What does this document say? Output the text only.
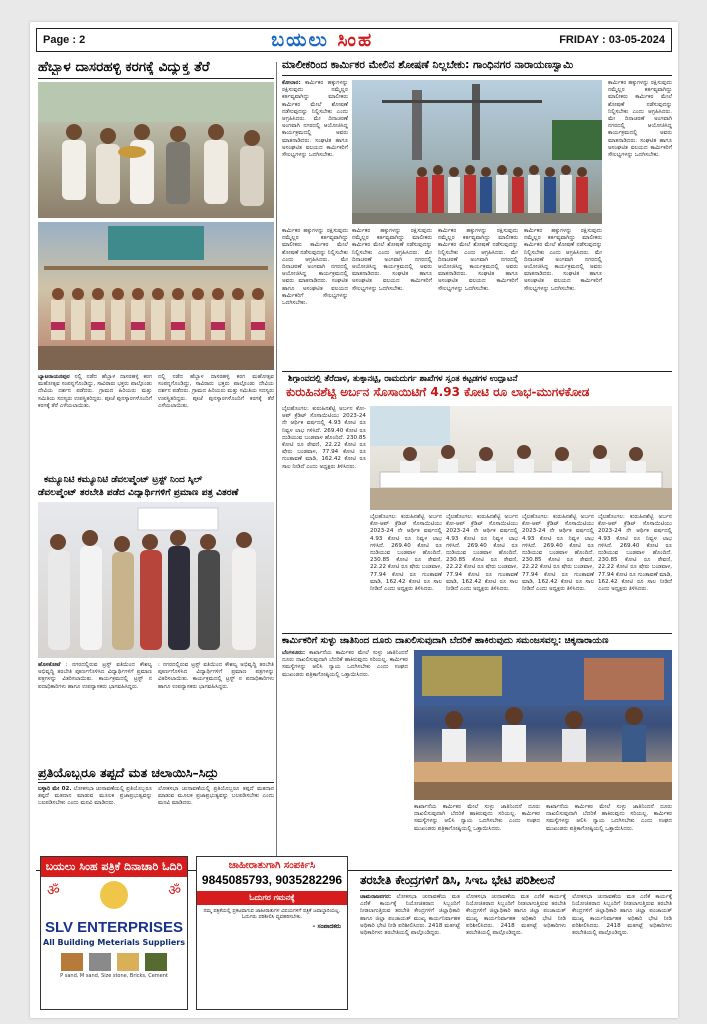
Page : 2	ಬಯಲು ಸಿಂಹ	FRIDAY : 03-05-2024
ಹೆಬ್ಬಾಳ ದಾಸರಹಳ್ಳಿ ಕರಗಕ್ಕೆ ವಿದ್ಯುಕ್ತ ತೆರೆ
ಬ್ಯಾಟರಾಯನಪುರ ನಲ್ಲಿ ನಡೆದ ಹೆಬ್ಬಾಳ ದಾಸರಹಳ್ಳಿ ಕರಗ ಮಹೋತ್ಸವ ಸಂಪನ್ನಗೊಂಡಿದ್ದು, ಸಾವಿರಾರು ಭಕ್ತರು ಪಾಲ್ಗೊಂಡು ದೇವಿಯ ದರ್ಶನ ಪಡೆದರು. ಗ್ರಾಮದ ಹಿರಿಯರು ಮತ್ತು ಸಮಿತಿಯ ಸದಸ್ಯರು ಉಪಸ್ಥಿತರಿದ್ದರು. ಪೂಜೆ ಪುನಸ್ಕಾರಗಳೊಂದಿಗೆ ಕರಗಕ್ಕೆ ತೆರೆ ಎಳೆಯಲಾಯಿತು.
ನಲ್ಲಿ ನಡೆದ ಹೆಬ್ಬಾಳ ದಾಸರಹಳ್ಳಿ ಕರಗ ಮಹೋತ್ಸವ ಸಂಪನ್ನಗೊಂಡಿದ್ದು, ಸಾವಿರಾರು ಭಕ್ತರು ಪಾಲ್ಗೊಂಡು ದೇವಿಯ ದರ್ಶನ ಪಡೆದರು. ಗ್ರಾಮದ ಹಿರಿಯರು ಮತ್ತು ಸಮಿತಿಯ ಸದಸ್ಯರು ಉಪಸ್ಥಿತರಿದ್ದರು. ಪೂಜೆ ಪುನಸ್ಕಾರಗಳೊಂದಿಗೆ ಕರಗಕ್ಕೆ ತೆರೆ ಎಳೆಯಲಾಯಿತು.
ಕಮ್ಯೂನಿಟಿ ಕಮ್ಯೂನಿಟಿ ಡೆವಲಪ್ಮೆಂಟ್ ಟ್ರಸ್ಟ್ ನಿಂದ ಸ್ಕಿಲ್
ಡೆವಲಪ್ಮೆಂಟ್ ತರಬೇತಿ ಪಡೆದ ವಿದ್ಯಾರ್ಥಿಗಳಿಗೆ ಪ್ರಮಾಣ ಪತ್ರ ವಿತರಣೆ
ಹೊಸಕೋಟೆ : ನಗರದಲ್ಲಿರುವ ಟ್ರಸ್ಟ್ ವತಿಯಿಂದ ಕೌಶಲ್ಯ ಅಭಿವೃದ್ಧಿ ತರಬೇತಿ ಪೂರ್ಣಗೊಳಿಸಿದ ವಿದ್ಯಾರ್ಥಿಗಳಿಗೆ ಪ್ರಮಾಣ ಪತ್ರಗಳನ್ನು ವಿತರಿಸಲಾಯಿತು. ಕಾರ್ಯಕ್ರಮದಲ್ಲಿ ಟ್ರಸ್ಟ್ ನ ಪದಾಧಿಕಾರಿಗಳು ಹಾಗೂ ಉಪನ್ಯಾಸಕರು ಭಾಗವಹಿಸಿದ್ದರು.
: ನಗರದಲ್ಲಿರುವ ಟ್ರಸ್ಟ್ ವತಿಯಿಂದ ಕೌಶಲ್ಯ ಅಭಿವೃದ್ಧಿ ತರಬೇತಿ ಪೂರ್ಣಗೊಳಿಸಿದ ವಿದ್ಯಾರ್ಥಿಗಳಿಗೆ ಪ್ರಮಾಣ ಪತ್ರಗಳನ್ನು ವಿತರಿಸಲಾಯಿತು. ಕಾರ್ಯಕ್ರಮದಲ್ಲಿ ಟ್ರಸ್ಟ್ ನ ಪದಾಧಿಕಾರಿಗಳು ಹಾಗೂ ಉಪನ್ಯಾಸಕರು ಭಾಗವಹಿಸಿದ್ದರು.
ಪ್ರತಿಯೊಬ್ಬರೂ ತಪ್ಪದೆ ಮತ ಚಲಾಯಿಸಿ–ಸಿದ್ದು
ಬಳ್ಳಾರಿ ಮೇ 02. ಲೋಕಸಭಾ ಚುನಾವಣೆಯಲ್ಲಿ ಪ್ರತಿಯೊಬ್ಬರೂ ತಪ್ಪದೆ ಮತದಾನ ಮಾಡುವ ಮೂಲಕ ಪ್ರಜಾಪ್ರಭುತ್ವವನ್ನು ಬಲಪಡಿಸಬೇಕು ಎಂದು ಮನವಿ ಮಾಡಿದರು.
ಲೋಕಸಭಾ ಚುನಾವಣೆಯಲ್ಲಿ ಪ್ರತಿಯೊಬ್ಬರೂ ತಪ್ಪದೆ ಮತದಾನ ಮಾಡುವ ಮೂಲಕ ಪ್ರಜಾಪ್ರಭುತ್ವವನ್ನು ಬಲಪಡಿಸಬೇಕು ಎಂದು ಮನವಿ ಮಾಡಿದರು.
ಮಾಲೀಕರಿಂದ ಕಾರ್ಮಿಕರ ಮೇಲಿನ ಶೋಷಣೆ ನಿಲ್ಲಬೇಕು: ಗಾಂಧಿನಗರ ನಾರಾಯಣಸ್ವಾಮಿ
ಕೋಲಾರ: ಕಾರ್ಮಿಕರ ಹಕ್ಕುಗಳನ್ನು ರಕ್ಷಿಸುವುದು ನಮ್ಮೆಲ್ಲರ ಕರ್ತವ್ಯವಾಗಿದ್ದು ಮಾಲೀಕರು ಕಾರ್ಮಿಕರ ಮೇಲೆ ಶೋಷಣೆ ನಡೆಸುವುದನ್ನು ನಿಲ್ಲಿಸಬೇಕು ಎಂದು ಆಗ್ರಹಿಸಿದರು. ಮೇ ದಿನಾಚರಣೆ ಅಂಗವಾಗಿ ನಗರದಲ್ಲಿ ಆಯೋಜಿಸಿದ್ದ ಕಾರ್ಯಕ್ರಮದಲ್ಲಿ ಅವರು ಮಾತನಾಡಿದರು. ಸಂಘಟಿತ ಹಾಗೂ ಅಸಂಘಟಿತ ವಲಯದ ಕಾರ್ಮಿಕರಿಗೆ ಸೌಲಭ್ಯಗಳನ್ನು ಒದಗಿಸಬೇಕು.
ಕಾರ್ಮಿಕರ ಹಕ್ಕುಗಳನ್ನು ರಕ್ಷಿಸುವುದು ನಮ್ಮೆಲ್ಲರ ಕರ್ತವ್ಯವಾಗಿದ್ದು ಮಾಲೀಕರು ಕಾರ್ಮಿಕರ ಮೇಲೆ ಶೋಷಣೆ ನಡೆಸುವುದನ್ನು ನಿಲ್ಲಿಸಬೇಕು ಎಂದು ಆಗ್ರಹಿಸಿದರು. ಮೇ ದಿನಾಚರಣೆ ಅಂಗವಾಗಿ ನಗರದಲ್ಲಿ ಆಯೋಜಿಸಿದ್ದ ಕಾರ್ಯಕ್ರಮದಲ್ಲಿ ಅವರು ಮಾತನಾಡಿದರು. ಸಂಘಟಿತ ಹಾಗೂ ಅಸಂಘಟಿತ ವಲಯದ ಕಾರ್ಮಿಕರಿಗೆ ಸೌಲಭ್ಯಗಳನ್ನು ಒದಗಿಸಬೇಕು.
ಕಾರ್ಮಿಕರ ಹಕ್ಕುಗಳನ್ನು ರಕ್ಷಿಸುವುದು ನಮ್ಮೆಲ್ಲರ ಕರ್ತವ್ಯವಾಗಿದ್ದು ಮಾಲೀಕರು ಕಾರ್ಮಿಕರ ಮೇಲೆ ಶೋಷಣೆ ನಡೆಸುವುದನ್ನು ನಿಲ್ಲಿಸಬೇಕು ಎಂದು ಆಗ್ರಹಿಸಿದರು. ಮೇ ದಿನಾಚರಣೆ ಅಂಗವಾಗಿ ನಗರದಲ್ಲಿ ಆಯೋಜಿಸಿದ್ದ ಕಾರ್ಯಕ್ರಮದಲ್ಲಿ ಅವರು ಮಾತನಾಡಿದರು. ಸಂಘಟಿತ ಹಾಗೂ ಅಸಂಘಟಿತ ವಲಯದ ಕಾರ್ಮಿಕರಿಗೆ ಸೌಲಭ್ಯಗಳನ್ನು ಒದಗಿಸಬೇಕು.
ಕಾರ್ಮಿಕರ ಹಕ್ಕುಗಳನ್ನು ರಕ್ಷಿಸುವುದು ನಮ್ಮೆಲ್ಲರ ಕರ್ತವ್ಯವಾಗಿದ್ದು ಮಾಲೀಕರು ಕಾರ್ಮಿಕರ ಮೇಲೆ ಶೋಷಣೆ ನಡೆಸುವುದನ್ನು ನಿಲ್ಲಿಸಬೇಕು ಎಂದು ಆಗ್ರಹಿಸಿದರು. ಮೇ ದಿನಾಚರಣೆ ಅಂಗವಾಗಿ ನಗರದಲ್ಲಿ ಆಯೋಜಿಸಿದ್ದ ಕಾರ್ಯಕ್ರಮದಲ್ಲಿ ಅವರು ಮಾತನಾಡಿದರು. ಸಂಘಟಿತ ಹಾಗೂ ಅಸಂಘಟಿತ ವಲಯದ ಕಾರ್ಮಿಕರಿಗೆ ಸೌಲಭ್ಯಗಳನ್ನು ಒದಗಿಸಬೇಕು.
ಕಾರ್ಮಿಕರ ಹಕ್ಕುಗಳನ್ನು ರಕ್ಷಿಸುವುದು ನಮ್ಮೆಲ್ಲರ ಕರ್ತವ್ಯವಾಗಿದ್ದು ಮಾಲೀಕರು ಕಾರ್ಮಿಕರ ಮೇಲೆ ಶೋಷಣೆ ನಡೆಸುವುದನ್ನು ನಿಲ್ಲಿಸಬೇಕು ಎಂದು ಆಗ್ರಹಿಸಿದರು. ಮೇ ದಿನಾಚರಣೆ ಅಂಗವಾಗಿ ನಗರದಲ್ಲಿ ಆಯೋಜಿಸಿದ್ದ ಕಾರ್ಯಕ್ರಮದಲ್ಲಿ ಅವರು ಮಾತನಾಡಿದರು. ಸಂಘಟಿತ ಹಾಗೂ ಅಸಂಘಟಿತ ವಲಯದ ಕಾರ್ಮಿಕರಿಗೆ ಸೌಲಭ್ಯಗಳನ್ನು ಒದಗಿಸಬೇಕು.
ಕಾರ್ಮಿಕರ ಹಕ್ಕುಗಳನ್ನು ರಕ್ಷಿಸುವುದು ನಮ್ಮೆಲ್ಲರ ಕರ್ತವ್ಯವಾಗಿದ್ದು ಮಾಲೀಕರು ಕಾರ್ಮಿಕರ ಮೇಲೆ ಶೋಷಣೆ ನಡೆಸುವುದನ್ನು ನಿಲ್ಲಿಸಬೇಕು ಎಂದು ಆಗ್ರಹಿಸಿದರು. ಮೇ ದಿನಾಚರಣೆ ಅಂಗವಾಗಿ ನಗರದಲ್ಲಿ ಆಯೋಜಿಸಿದ್ದ ಕಾರ್ಯಕ್ರಮದಲ್ಲಿ ಅವರು ಮಾತನಾಡಿದರು. ಸಂಘಟಿತ ಹಾಗೂ ಅಸಂಘಟಿತ ವಲಯದ ಕಾರ್ಮಿಕರಿಗೆ ಸೌಲಭ್ಯಗಳನ್ನು ಒದಗಿಸಬೇಕು.
ಶಿಗ್ಗಾಂವದಲ್ಲಿ ತೆರೆದಾಳ, ತುಕ್ಕಾನಟ್ಟಿ, ರಾಮದುರ್ಗ ಶಾಖೆಗಳ ಸ್ವಂತ ಕಟ್ಟಡಗಳ ಉದ್ಘಾಟನೆ
ಕುರುಹಿನಶೆಟ್ಟಿ ಅರ್ಬನ ಸೊಸಾಯಿಟಿಗೆ 4.93 ಕೋಟಿ ರೂ ಲಾಭ-ಮುಗಳಕೋಡ
ಬೈಲಹೊಂಗಲ: ಕುರುಹಿನಶೆಟ್ಟಿ ಅರ್ಬನ ಕೋ-ಆಪ್ ಕ್ರೆಡಿಟ್ ಸೊಸಾಯಿಟಿಯು 2023-24 ನೇ ಆರ್ಥಿಕ ವರ್ಷದಲ್ಲಿ 4.93 ಕೋಟಿ ರೂ ನಿವ್ವಳ ಲಾಭ ಗಳಿಸಿದೆ. 269.40 ಕೋಟಿ ರೂ ದುಡಿಯುವ ಬಂಡವಾಳ ಹೊಂದಿದೆ. 230.85 ಕೋಟಿ ರೂ ಠೇವಣಿ, 22.22 ಕೋಟಿ ರೂ ಷೇರು ಬಂಡವಾಳ, 77.94 ಕೋಟಿ ರೂ ಗುಂತಾವಣೆ ಮಾಡಿ, 162.42 ಕೋಟಿ ರೂ ಸಾಲ ನೀಡಿದೆ ಎಂದು ಅಧ್ಯಕ್ಷರು ತಿಳಿಸಿದರು.
ಬೈಲಹೊಂಗಲ: ಕುರುಹಿನಶೆಟ್ಟಿ ಅರ್ಬನ ಕೋ-ಆಪ್ ಕ್ರೆಡಿಟ್ ಸೊಸಾಯಿಟಿಯು 2023-24 ನೇ ಆರ್ಥಿಕ ವರ್ಷದಲ್ಲಿ 4.93 ಕೋಟಿ ರೂ ನಿವ್ವಳ ಲಾಭ ಗಳಿಸಿದೆ. 269.40 ಕೋಟಿ ರೂ ದುಡಿಯುವ ಬಂಡವಾಳ ಹೊಂದಿದೆ. 230.85 ಕೋಟಿ ರೂ ಠೇವಣಿ, 22.22 ಕೋಟಿ ರೂ ಷೇರು ಬಂಡವಾಳ, 77.94 ಕೋಟಿ ರೂ ಗುಂತಾವಣೆ ಮಾಡಿ, 162.42 ಕೋಟಿ ರೂ ಸಾಲ ನೀಡಿದೆ ಎಂದು ಅಧ್ಯಕ್ಷರು ತಿಳಿಸಿದರು.
ಬೈಲಹೊಂಗಲ: ಕುರುಹಿನಶೆಟ್ಟಿ ಅರ್ಬನ ಕೋ-ಆಪ್ ಕ್ರೆಡಿಟ್ ಸೊಸಾಯಿಟಿಯು 2023-24 ನೇ ಆರ್ಥಿಕ ವರ್ಷದಲ್ಲಿ 4.93 ಕೋಟಿ ರೂ ನಿವ್ವಳ ಲಾಭ ಗಳಿಸಿದೆ. 269.40 ಕೋಟಿ ರೂ ದುಡಿಯುವ ಬಂಡವಾಳ ಹೊಂದಿದೆ. 230.85 ಕೋಟಿ ರೂ ಠೇವಣಿ, 22.22 ಕೋಟಿ ರೂ ಷೇರು ಬಂಡವಾಳ, 77.94 ಕೋಟಿ ರೂ ಗುಂತಾವಣೆ ಮಾಡಿ, 162.42 ಕೋಟಿ ರೂ ಸಾಲ ನೀಡಿದೆ ಎಂದು ಅಧ್ಯಕ್ಷರು ತಿಳಿಸಿದರು.
ಬೈಲಹೊಂಗಲ: ಕುರುಹಿನಶೆಟ್ಟಿ ಅರ್ಬನ ಕೋ-ಆಪ್ ಕ್ರೆಡಿಟ್ ಸೊಸಾಯಿಟಿಯು 2023-24 ನೇ ಆರ್ಥಿಕ ವರ್ಷದಲ್ಲಿ 4.93 ಕೋಟಿ ರೂ ನಿವ್ವಳ ಲಾಭ ಗಳಿಸಿದೆ. 269.40 ಕೋಟಿ ರೂ ದುಡಿಯುವ ಬಂಡವಾಳ ಹೊಂದಿದೆ. 230.85 ಕೋಟಿ ರೂ ಠೇವಣಿ, 22.22 ಕೋಟಿ ರೂ ಷೇರು ಬಂಡವಾಳ, 77.94 ಕೋಟಿ ರೂ ಗುಂತಾವಣೆ ಮಾಡಿ, 162.42 ಕೋಟಿ ರೂ ಸಾಲ ನೀಡಿದೆ ಎಂದು ಅಧ್ಯಕ್ಷರು ತಿಳಿಸಿದರು.
ಬೈಲಹೊಂಗಲ: ಕುರುಹಿನಶೆಟ್ಟಿ ಅರ್ಬನ ಕೋ-ಆಪ್ ಕ್ರೆಡಿಟ್ ಸೊಸಾಯಿಟಿಯು 2023-24 ನೇ ಆರ್ಥಿಕ ವರ್ಷದಲ್ಲಿ 4.93 ಕೋಟಿ ರೂ ನಿವ್ವಳ ಲಾಭ ಗಳಿಸಿದೆ. 269.40 ಕೋಟಿ ರೂ ದುಡಿಯುವ ಬಂಡವಾಳ ಹೊಂದಿದೆ. 230.85 ಕೋಟಿ ರೂ ಠೇವಣಿ, 22.22 ಕೋಟಿ ರೂ ಷೇರು ಬಂಡವಾಳ, 77.94 ಕೋಟಿ ರೂ ಗುಂತಾವಣೆ ಮಾಡಿ, 162.42 ಕೋಟಿ ರೂ ಸಾಲ ನೀಡಿದೆ ಎಂದು ಅಧ್ಯಕ್ಷರು ತಿಳಿಸಿದರು.
ಕಾರ್ಮಿಕರಿಗೆ ಸುಳ್ಳು ಜಾತಿನಿಂದ ದೂರು ದಾಖಲಿಸುವುದಾಗಿ ಬೆದರಿಕೆ ಹಾಕಿರುವುದು ಸಮಂಜಸವಲ್ಲ: ಚಿಕ್ಕನಾರಾಯಣ
ಬೆಂಗಳೂರು: ಕಾರ್ಖಾನೆಯ ಕಾರ್ಮಿಕರ ಮೇಲೆ ಸುಳ್ಳು ಜಾತಿನಿಂದನೆ ದೂರು ದಾಖಲಿಸುವುದಾಗಿ ಬೆದರಿಕೆ ಹಾಕಿರುವುದು ಸರಿಯಲ್ಲ. ಕಾರ್ಮಿಕರ ಸಮಸ್ಯೆಗಳನ್ನು ಆಲಿಸಿ ನ್ಯಾಯ ಒದಗಿಸಬೇಕು ಎಂದು ಸಂಘದ ಮುಖಂಡರು ಪತ್ರಿಕಾಗೋಷ್ಠಿಯಲ್ಲಿ ಒತ್ತಾಯಿಸಿದರು.
ಕಾರ್ಖಾನೆಯ ಕಾರ್ಮಿಕರ ಮೇಲೆ ಸುಳ್ಳು ಜಾತಿನಿಂದನೆ ದೂರು ದಾಖಲಿಸುವುದಾಗಿ ಬೆದರಿಕೆ ಹಾಕಿರುವುದು ಸರಿಯಲ್ಲ. ಕಾರ್ಮಿಕರ ಸಮಸ್ಯೆಗಳನ್ನು ಆಲಿಸಿ ನ್ಯಾಯ ಒದಗಿಸಬೇಕು ಎಂದು ಸಂಘದ ಮುಖಂಡರು ಪತ್ರಿಕಾಗೋಷ್ಠಿಯಲ್ಲಿ ಒತ್ತಾಯಿಸಿದರು.
ಕಾರ್ಖಾನೆಯ ಕಾರ್ಮಿಕರ ಮೇಲೆ ಸುಳ್ಳು ಜಾತಿನಿಂದನೆ ದೂರು ದಾಖಲಿಸುವುದಾಗಿ ಬೆದರಿಕೆ ಹಾಕಿರುವುದು ಸರಿಯಲ್ಲ. ಕಾರ್ಮಿಕರ ಸಮಸ್ಯೆಗಳನ್ನು ಆಲಿಸಿ ನ್ಯಾಯ ಒದಗಿಸಬೇಕು ಎಂದು ಸಂಘದ ಮುಖಂಡರು ಪತ್ರಿಕಾಗೋಷ್ಠಿಯಲ್ಲಿ ಒತ್ತಾಯಿಸಿದರು.
ಬಯಲು ಸಿಂಹ ಪತ್ರಿಕೆ ದಿನಾಚಾರಿ ಓದಿರಿ
ॐ	ॐ
SLV ENTERPRISES
All Building Meterials Suppliers
P sand, M sand, Size stone, Bricks, Cement
ಜಾಹೀರಾತುಗಾಗಿ ಸಂಪರ್ಕಿಸಿ
9845085793, 9035282296
ಓದುಗರ ಗಮನಕ್ಕೆ
ನಮ್ಮ ಪತ್ರಿಕೆಯಲ್ಲಿ ಪ್ರಕಟವಾಗುವ ಜಾಹೀರಾತುಗಳ ವಿಷಯಗಳಿಗೆ ಪತ್ರಿಕೆ ಜವಾಬ್ದಾರಿಯಲ್ಲ. ಓದುಗರು ಪರಿಶೀಲಿಸಿ ವ್ಯವಹರಿಸಬೇಕು.
– ಸಂಪಾದಕರು
ತರಬೇತಿ ಕೇಂದ್ರಗಳಿಗೆ ಡಿಸಿ, ಸಿಇಒ ಭೇಟಿ ಪರಿಶೀಲನೆ
ಚಾಮರಾಜನಗರ: ಲೋಕಸಭಾ ಚುನಾವಣೆಯ ಮತ ಎಣಿಕೆ ಕಾರ್ಯಕ್ಕೆ ನಿಯೋಜಿತರಾದ ಸಿಬ್ಬಂದಿಗೆ ನೀಡಲಾಗುತ್ತಿರುವ ತರಬೇತಿ ಕೇಂದ್ರಗಳಿಗೆ ಜಿಲ್ಲಾಧಿಕಾರಿ ಹಾಗೂ ಜಿಲ್ಲಾ ಪಂಚಾಯತ್ ಮುಖ್ಯ ಕಾರ್ಯನಿರ್ವಾಹಕ ಅಧಿಕಾರಿ ಭೇಟಿ ನೀಡಿ ಪರಿಶೀಲಿಸಿದರು. 2418 ಮತಗಟ್ಟೆ ಅಧಿಕಾರಿಗಳು ತರಬೇತಿಯಲ್ಲಿ ಪಾಲ್ಗೊಂಡಿದ್ದರು.
ಲೋಕಸಭಾ ಚುನಾವಣೆಯ ಮತ ಎಣಿಕೆ ಕಾರ್ಯಕ್ಕೆ ನಿಯೋಜಿತರಾದ ಸಿಬ್ಬಂದಿಗೆ ನೀಡಲಾಗುತ್ತಿರುವ ತರಬೇತಿ ಕೇಂದ್ರಗಳಿಗೆ ಜಿಲ್ಲಾಧಿಕಾರಿ ಹಾಗೂ ಜಿಲ್ಲಾ ಪಂಚಾಯತ್ ಮುಖ್ಯ ಕಾರ್ಯನಿರ್ವಾಹಕ ಅಧಿಕಾರಿ ಭೇಟಿ ನೀಡಿ ಪರಿಶೀಲಿಸಿದರು. 2418 ಮತಗಟ್ಟೆ ಅಧಿಕಾರಿಗಳು ತರಬೇತಿಯಲ್ಲಿ ಪಾಲ್ಗೊಂಡಿದ್ದರು.
ಲೋಕಸಭಾ ಚುನಾವಣೆಯ ಮತ ಎಣಿಕೆ ಕಾರ್ಯಕ್ಕೆ ನಿಯೋಜಿತರಾದ ಸಿಬ್ಬಂದಿಗೆ ನೀಡಲಾಗುತ್ತಿರುವ ತರಬೇತಿ ಕೇಂದ್ರಗಳಿಗೆ ಜಿಲ್ಲಾಧಿಕಾರಿ ಹಾಗೂ ಜಿಲ್ಲಾ ಪಂಚಾಯತ್ ಮುಖ್ಯ ಕಾರ್ಯನಿರ್ವಾಹಕ ಅಧಿಕಾರಿ ಭೇಟಿ ನೀಡಿ ಪರಿಶೀಲಿಸಿದರು. 2418 ಮತಗಟ್ಟೆ ಅಧಿಕಾರಿಗಳು ತರಬೇತಿಯಲ್ಲಿ ಪಾಲ್ಗೊಂಡಿದ್ದರು.
